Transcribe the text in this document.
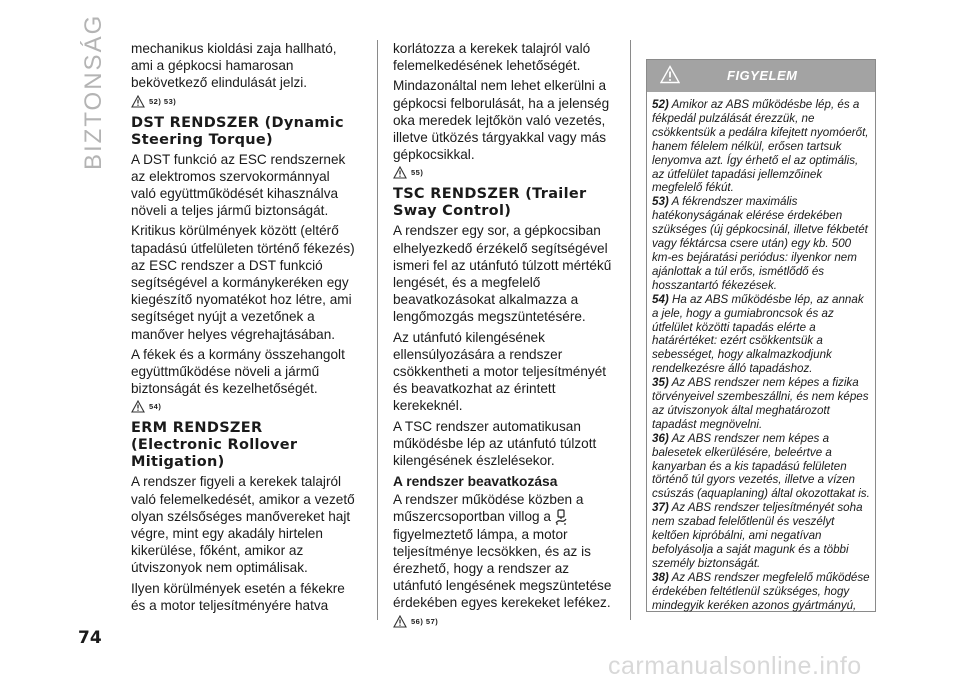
BIZTONSÁG
74

mechanikus kioldási zaja hallható, ami a gépkocsi hamarosan bekövetkező elindulását jelzi.

52) 53)
DST RENDSZER (Dynamic Steering Torque)

A DST funkció az ESC rendszernek az elektromos szervokormánnyal való együttműködését kihasználva növeli a teljes jármű biztonságát.

Kritikus körülmények között (eltérő tapadású útfelületen történő fékezés) az ESC rendszer a DST funkció segítségével a kormánykeréken egy kiegészítő nyomatékot hoz létre, ami segítséget nyújt a vezetőnek a manőver helyes végrehajtásában.

A fékek és a kormány összehangolt együttműködése növeli a jármű biztonságát és kezelhetőségét.

54)
ERM RENDSZER (Electronic Rollover Mitigation)

A rendszer figyeli a kerekek talajról való felemelkedését, amikor a vezető olyan szélsőséges manővereket hajt végre, mint egy akadály hirtelen kikerülése, főként, amikor az útviszonyok nem optimálisak.

Ilyen körülmények esetén a fékekre és a motor teljesítményére hatva

korlátozza a kerekek talajról való felemelkedésének lehetőségét.

Mindazonáltal nem lehet elkerülni a gépkocsi felborulását, ha a jelenség oka meredek lejtőkön való vezetés, illetve ütközés tárgyakkal vagy más gépkocsikkal.

55)
TSC RENDSZER (Trailer Sway Control)

A rendszer egy sor, a gépkocsiban elhelyezkedő érzékelő segítségével ismeri fel az utánfutó túlzott mértékű lengését, és a megfelelő beavatkozásokat alkalmazza a lengőmozgás megszüntetésére.

Az utánfutó kilengésének ellensúlyozására a rendszer csökkentheti a motor teljesítményét és beavatkozhat az érintett kerekeknél.

A TSC rendszer automatikusan működésbe lép az utánfutó túlzott kilengésének észlelésekor.

A rendszer beavatkozása

A rendszer működése közben a műszercsoportban villog a figyelmeztető lámpa, a motor teljesítménye lecsökken, és az is érezhető, hogy a rendszer az utánfutó lengésének megszüntetése érdekében egyes kerekeket lefékez.

56) 57)
FIGYELEM

52) Amikor az ABS működésbe lép, és a fékpedál pulzálását érezzük, ne csökkentsük a pedálra kifejtett nyomóerőt, hanem félelem nélkül, erősen tartsuk lenyomva azt. Így érhető el az optimális, az útfelület tapadási jellemzőinek megfelelő fékút.

53) A fékrendszer maximális hatékonyságának elérése érdekében szükséges (új gépkocsinál, illetve fékbetét vagy féktárcsa csere után) egy kb. 500 km-es bejáratási periódus: ilyenkor nem ajánlottak a túl erős, ismétlődő és hosszantartó fékezések.

54) Ha az ABS működésbe lép, az annak a jele, hogy a gumiabroncsok és az útfelület közötti tapadás elérte a határértéket: ezért csökkentsük a sebességet, hogy alkalmazkodjunk rendelkezésre álló tapadáshoz.

35) Az ABS rendszer nem képes a fizika törvényeivel szembeszállni, és nem képes az útviszonyok által meghatározott tapadást megnövelni.

36) Az ABS rendszer nem képes a balesetek elkerülésére, beleértve a kanyarban és a kis tapadású felületen történő túl gyors vezetés, illetve a vízen csúszás (aquaplaning) által okozottakat is.

37) Az ABS rendszer teljesítményét soha nem szabad felelőtlenül és veszélyt keltően kipróbálni, ami negatívan befolyásolja a saját magunk és a többi személy biztonságát.

38) Az ABS rendszer megfelelő működése érdekében feltétlenül szükséges, hogy mindegyik keréken azonos gyártmányú,

carmanualsonline.info
